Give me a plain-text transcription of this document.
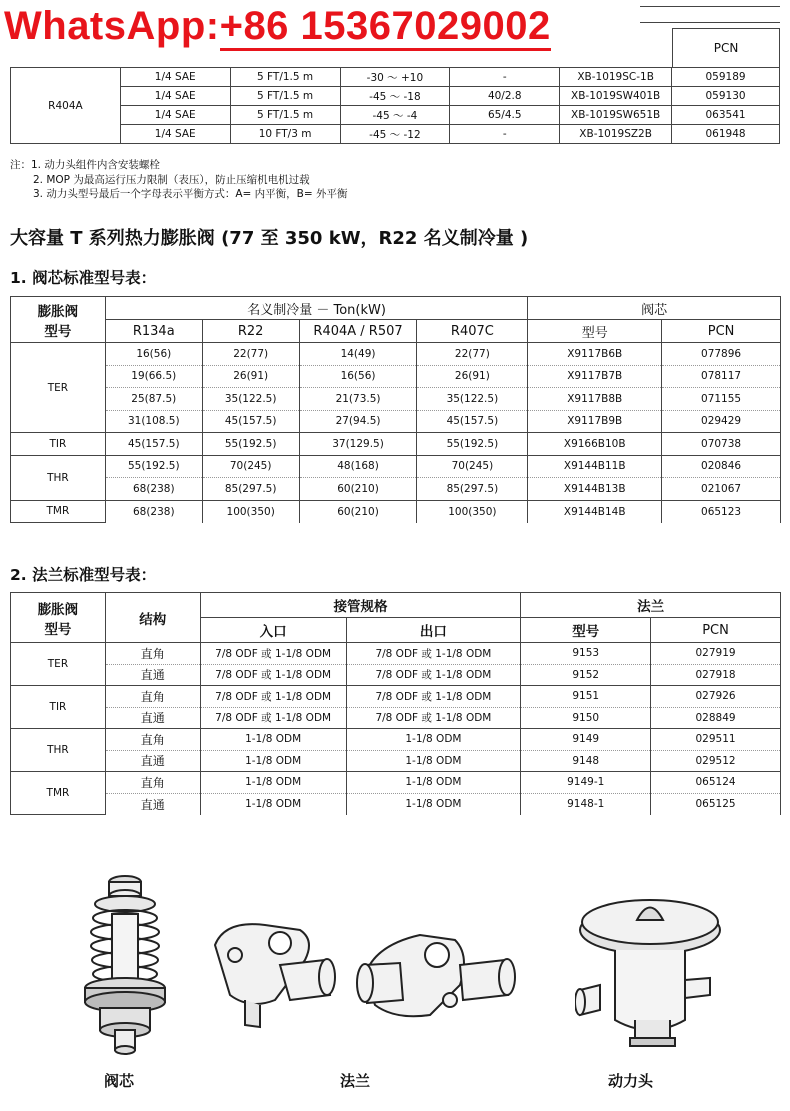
WhatsApp:+86 15367029002	PCN
R404A	1/4 SAE	5 FT/1.5 m	-30 ～ +10	-	XB-1019SC-1B	059189
	1/4 SAE	5 FT/1.5 m	-45 ～ -18	40/2.8	XB-1019SW401B	059130
	1/4 SAE	5 FT/1.5 m	-45 ～ -4	65/4.5	XB-1019SW651B	063541
	1/4 SAE	10 FT/3 m	-45 ～ -12	-	XB-1019SZ2B	061948
注：1. 动力头组件内含安装螺栓
2. MOP 为最高运行压力限制（表压），防止压缩机电机过载
3. 动力头型号最后一个字母表示平衡方式：A= 内平衡，B= 外平衡
大容量 T 系列热力膨胀阀 (77 至 350 kW，R22 名义制冷量 )
1. 阀芯标准型号表：
膨胀阀
型号	名义制冷量 － Ton(kW)				阀芯	
	R134a	R22	R404A / R507	R407C	型号	PCN
TER	16(56)	22(77)	14(49)	22(77)	X9117B6B	077896
	19(66.5)	26(91)	16(56)	26(91)	X9117B7B	078117
	25(87.5)	35(122.5)	21(73.5)	35(122.5)	X9117B8B	071155
	31(108.5)	45(157.5)	27(94.5)	45(157.5)	X9117B9B	029429
TIR	45(157.5)	55(192.5)	37(129.5)	55(192.5)	X9166B10B	070738
THR	55(192.5)	70(245)	48(168)	70(245)	X9144B11B	020846
	68(238)	85(297.5)	60(210)	85(297.5)	X9144B13B	021067
TMR	68(238)	100(350)	60(210)	100(350)	X9144B14B	065123
2. 法兰标准型号表：
膨胀阀
型号	结构	接管规格		法兰	
		入口	出口	型号	PCN
TER	直角	7/8 ODF 或 1-1/8 ODM	7/8 ODF 或 1-1/8 ODM	9153	027919
	直通	7/8 ODF 或 1-1/8 ODM	7/8 ODF 或 1-1/8 ODM	9152	027918
TIR	直角	7/8 ODF 或 1-1/8 ODM	7/8 ODF 或 1-1/8 ODM	9151	027926
	直通	7/8 ODF 或 1-1/8 ODM	7/8 ODF 或 1-1/8 ODM	9150	028849
THR	直角	1-1/8 ODM	1-1/8 ODM	9149	029511
	直通	1-1/8 ODM	1-1/8 ODM	9148	029512
TMR	直角	1-1/8 ODM	1-1/8 ODM	9149-1	065124
	直通	1-1/8 ODM	1-1/8 ODM	9148-1	065125
阀芯	法兰	动力头
